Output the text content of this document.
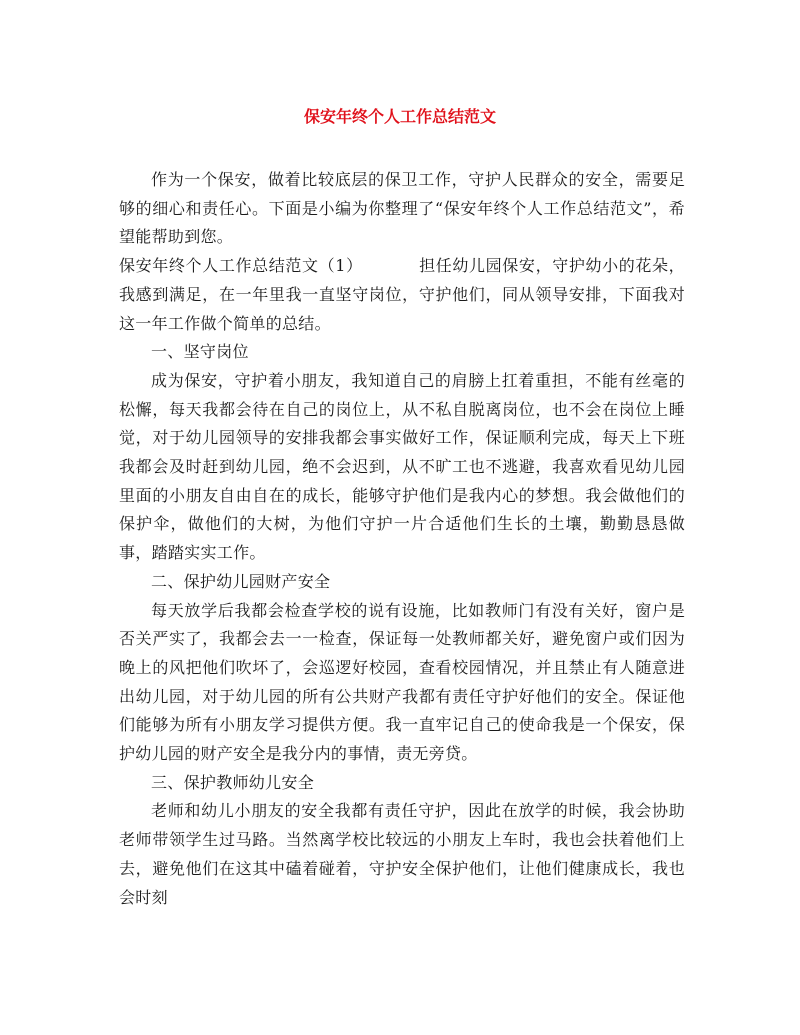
保安年终个人工作总结范文

作为一个保安，做着比较底层的保卫工作，守护人民群众的安全，需要足够的细心和责任心。下面是小编为你整理了“保安年终个人工作总结范文”，希望能帮助到您。

保安年终个人工作总结范文（1）	担任幼儿园保安，守护幼小的花朵，我感到满足，在一年里我一直坚守岗位，守护他们，同从领导安排，下面我对这一年工作做个简单的总结。

一、坚守岗位

成为保安，守护着小朋友，我知道自己的肩膀上扛着重担，不能有丝毫的松懈，每天我都会待在自己的岗位上，从不私自脱离岗位，也不会在岗位上睡觉，对于幼儿园领导的安排我都会事实做好工作，保证顺利完成，每天上下班我都会及时赶到幼儿园，绝不会迟到，从不旷工也不逃避，我喜欢看见幼儿园里面的小朋友自由自在的成长，能够守护他们是我内心的梦想。我会做他们的保护伞，做他们的大树，为他们守护一片合适他们生长的土壤，勤勤恳恳做事，踏踏实实工作。

二、保护幼儿园财产安全

每天放学后我都会检查学校的说有设施，比如教师门有没有关好，窗户是否关严实了，我都会去一一检查，保证每一处教师都关好，避免窗户或们因为晚上的风把他们吹坏了，会巡逻好校园，查看校园情况，并且禁止有人随意进出幼儿园，对于幼儿园的所有公共财产我都有责任守护好他们的安全。保证他们能够为所有小朋友学习提供方便。我一直牢记自己的使命我是一个保安，保护幼儿园的财产安全是我分内的事情，责无旁贷。

三、保护教师幼儿安全

老师和幼儿小朋友的安全我都有责任守护，因此在放学的时候，我会协助老师带领学生过马路。当然离学校比较远的小朋友上车时，我也会扶着他们上去，避免他们在这其中磕着碰着，守护安全保护他们，让他们健康成长，我也会时刻
